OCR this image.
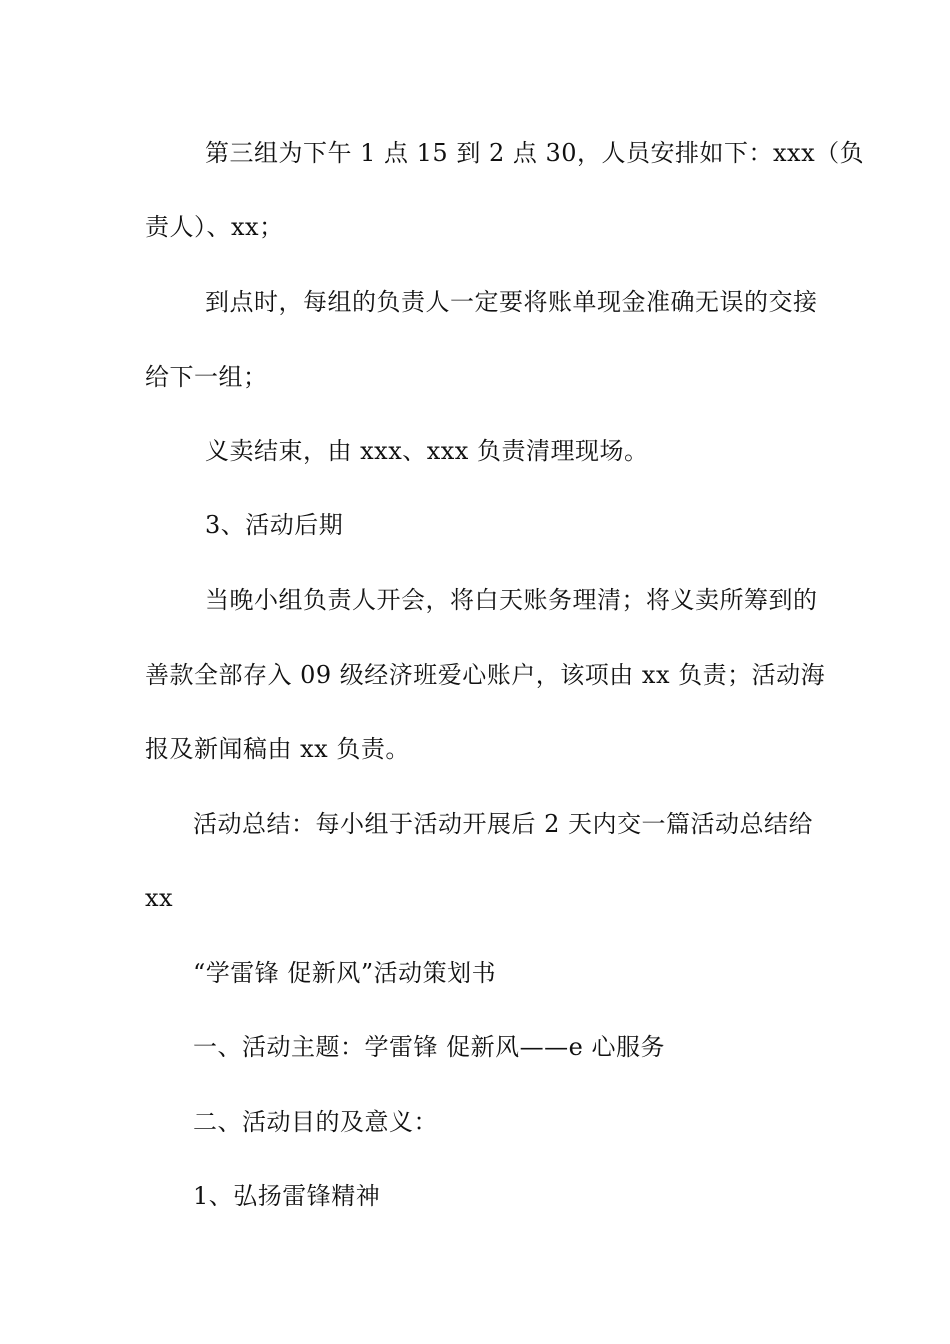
第三组为下午 1 点 15 到 2 点 30，人员安排如下：xxx（负
责人）、xx；
到点时，每组的负责人一定要将账单现金准确无误的交接
给下一组；
义卖结束，由 xxx、xxx 负责清理现场。
3、活动后期
当晚小组负责人开会，将白天账务理清；将义卖所筹到的
善款全部存入 09 级经济班爱心账户，该项由 xx 负责；活动海
报及新闻稿由 xx 负责。
活动总结：每小组于活动开展后 2 天内交一篇活动总结给
xx
“学雷锋 促新风”活动策划书
一、活动主题：学雷锋 促新风——e 心服务
二、活动目的及意义：
1、弘扬雷锋精神
